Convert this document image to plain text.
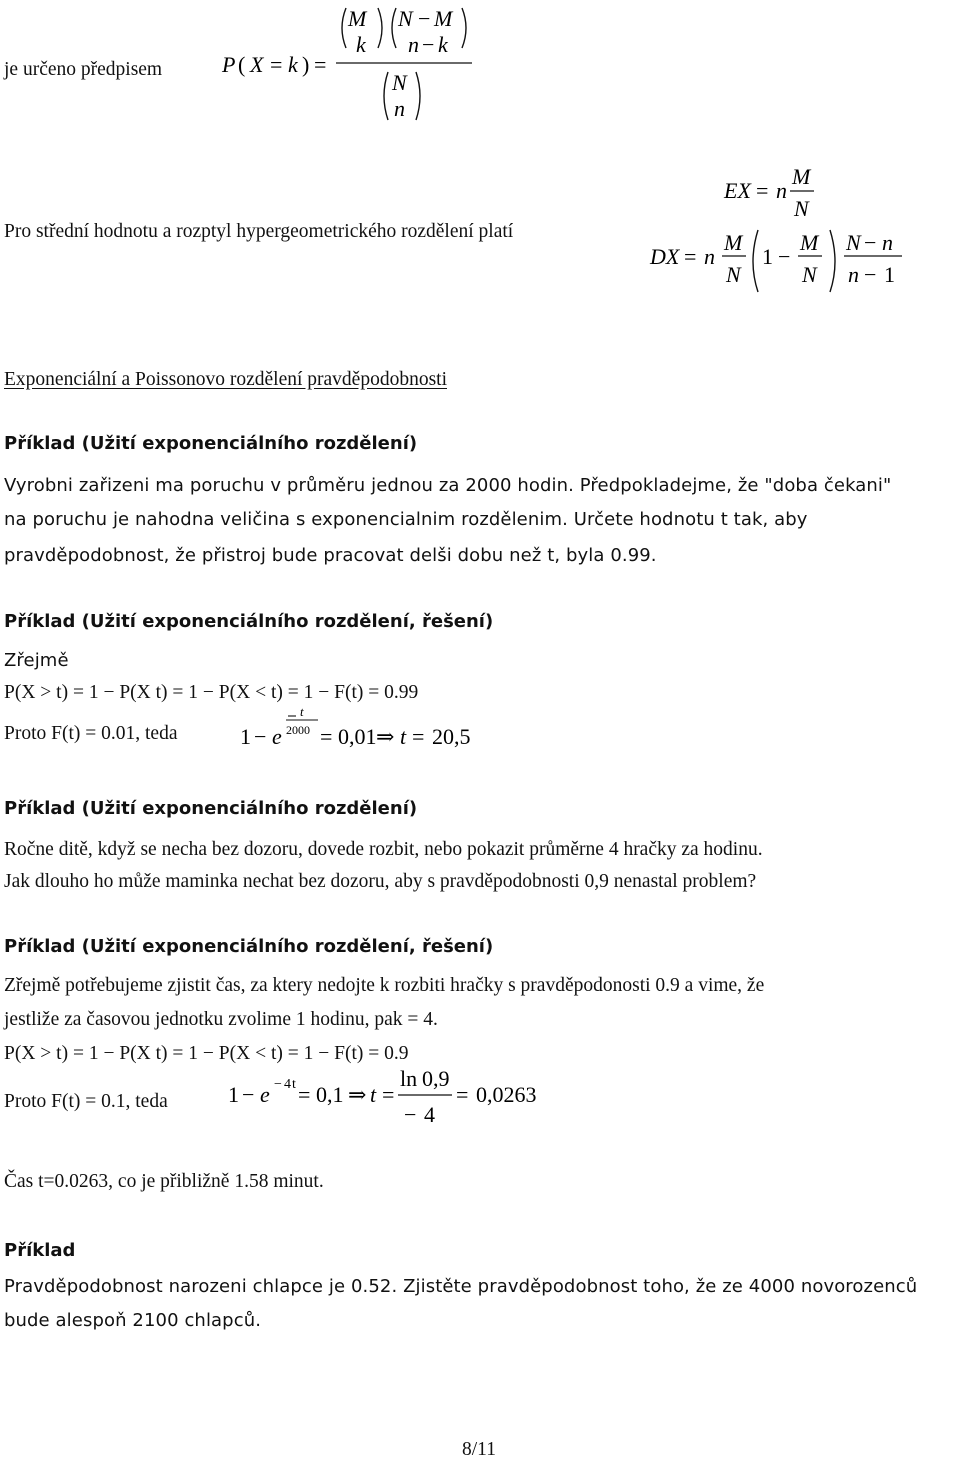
je určeno předpisem	P ( X = k ) =
M
k
N − M
n − k
N
n
Pro střední hodnotu a rozptyl hypergeometrického rozdělení platí
EX = n
M
N
DX = n
M
N
1 −
M
N
N − n
n − 1
Exponenciální a Poissonovo rozdělení pravděpodobnosti
Příklad (Užití exponenciálního rozdělení)
Vyrobni zařizeni ma poruchu v průměru jednou za 2000 hodin. Předpokladejme, že "doba čekani"
na poruchu je nahodna veličina s exponencialnim rozdělenim. Určete hodnotu t tak, aby
pravděpodobnost, že přistroj bude pracovat delši dobu než t, byla 0.99.
Příklad (Užití exponenciálního rozdělení, řešení)
Zřejmě
P(X > t) = 1 − P(X t) = 1 − P(X < t) = 1 − F(t) = 0.99
Proto F(t) = 0.01, teda	1 − e
t
2000 = 0,01 ⇒ t = 20,5
Příklad (Užití exponenciálního rozdělení)
Ročne ditě, když se necha bez dozoru, dovede rozbit, nebo pokazit průměrne 4 hračky za hodinu.
Jak dlouho ho může maminka nechat bez dozoru, aby s pravděpodobnosti 0,9 nenastal problem?
Příklad (Užití exponenciálního rozdělení, řešení)
Zřejmě potřebujeme zjistit čas, za ktery nedojte k rozbiti hračky s pravděpodonosti 0.9 a vime, že
jestliže za časovou jednotku zvolime 1 hodinu, pak = 4.
P(X > t) = 1 − P(X t) = 1 − P(X < t) = 1 − F(t) = 0.9
Proto F(t) = 0.1, teda	1 − e − 4 t = 0,1 ⇒ t =
ln 0,9
− 4
= 0,0263
Čas t=0.0263, co je přibližně 1.58 minut.
Příklad
Pravděpodobnost narozeni chlapce je 0.52. Zjistěte pravděpodobnost toho, že ze 4000 novorozenců
bude alespoň 2100 chlapců.
8/11
